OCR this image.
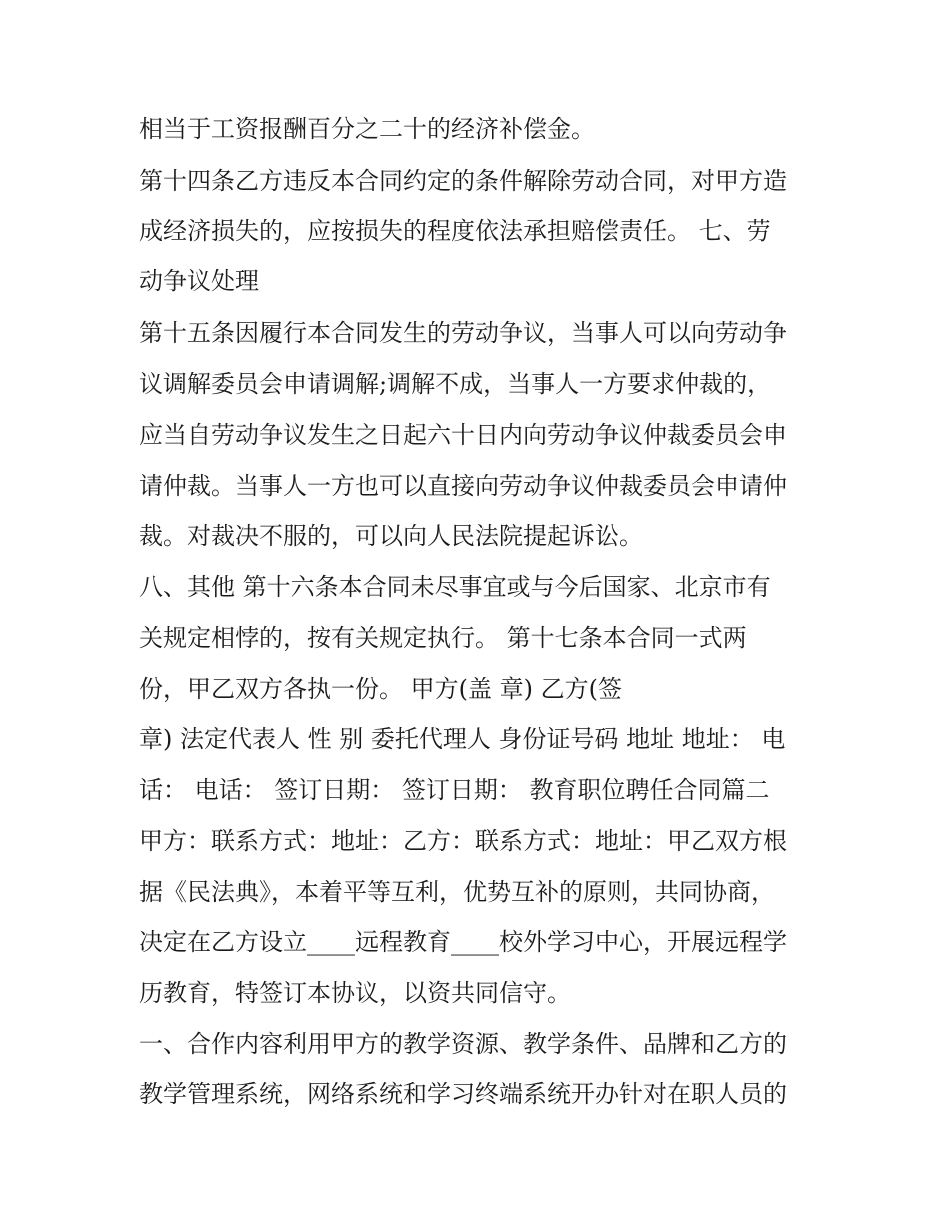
相当于工资报酬百分之二十的经济补偿金。
第十四条乙方违反本合同约定的条件解除劳动合同，对甲方造
成经济损失的，应按损失的程度依法承担赔偿责任。 七、劳
动争议处理
第十五条因履行本合同发生的劳动争议，当事人可以向劳动争
议调解委员会申请调解;调解不成，当事人一方要求仲裁的，
应当自劳动争议发生之日起六十日内向劳动争议仲裁委员会申
请仲裁。当事人一方也可以直接向劳动争议仲裁委员会申请仲
裁。对裁决不服的，可以向人民法院提起诉讼。
八、其他 第十六条本合同未尽事宜或与今后国家、北京市有
关规定相悖的，按有关规定执行。 第十七条本合同一式两
份，甲乙双方各执一份。 甲方(盖 章) 乙方(签
章) 法定代表人 性 别 委托代理人 身份证号码 地址 地址： 电
话： 电话： 签订日期： 签订日期： 教育职位聘任合同篇二
甲方：联系方式：地址：乙方：联系方式：地址：甲乙双方根
据《民法典》，本着平等互利，优势互补的原则，共同协商，
决定在乙方设立____远程教育____校外学习中心，开展远程学
历教育，特签订本协议，以资共同信守。
一、合作内容利用甲方的教学资源、教学条件、品牌和乙方的
教学管理系统，网络系统和学习终端系统开办针对在职人员的
